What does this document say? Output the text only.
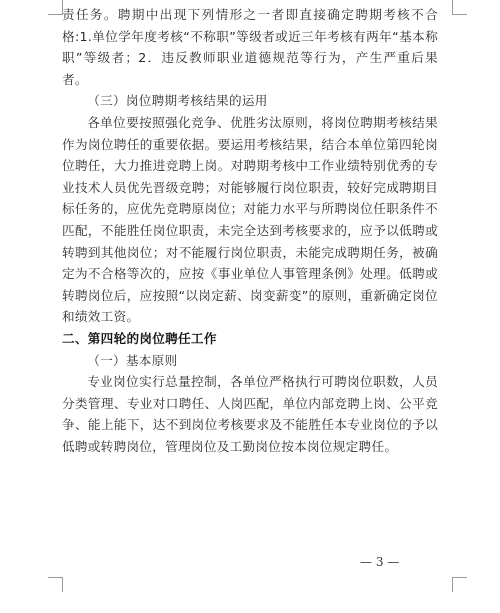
责任务。聘期中出现下列情形之一者即直接确定聘期考核不合格:1.单位学年度考核“不称职”等级者或近三年考核有两年“基本称职”等级者；2．违反教师职业道德规范等行为，产生严重后果者。

（三）岗位聘期考核结果的运用

各单位要按照强化竞争、优胜劣汰原则，将岗位聘期考核结果作为岗位聘任的重要依据。要运用考核结果，结合本单位第四轮岗位聘任，大力推进竞聘上岗。对聘期考核中工作业绩特别优秀的专业技术人员优先晋级竞聘；对能够履行岗位职责，较好完成聘期目标任务的，应优先竞聘原岗位；对能力水平与所聘岗位任职条件不匹配，不能胜任岗位职责，未完全达到考核要求的，应予以低聘或转聘到其他岗位；对不能履行岗位职责，未能完成聘期任务，被确定为不合格等次的，应按《事业单位人事管理条例》处理。低聘或转聘岗位后，应按照“以岗定薪、岗变薪变”的原则，重新确定岗位和绩效工资。

二、第四轮的岗位聘任工作

（一）基本原则

专业岗位实行总量控制，各单位严格执行可聘岗位职数，人员分类管理、专业对口聘任、人岗匹配，单位内部竞聘上岗、公平竞争、能上能下，达不到岗位考核要求及不能胜任本专业岗位的予以低聘或转聘岗位，管理岗位及工勤岗位按本岗位规定聘任。

— 3 —
